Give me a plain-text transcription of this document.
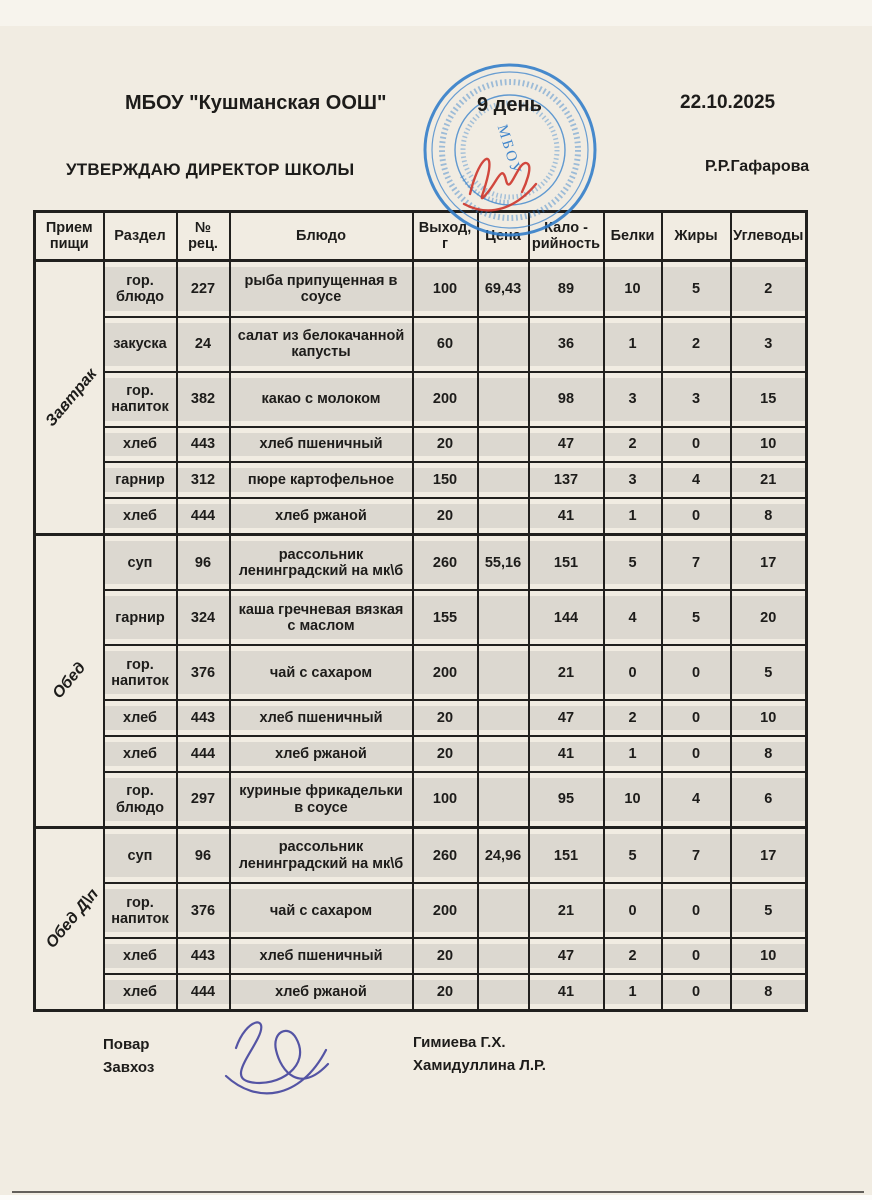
МБОУ "Кушманская ООШ"	9 день	22.10.2025
УТВЕРЖДАЮ ДИРЕКТОР ШКОЛЫ	Р.Р.Гафарова
МБОУ
Прием пищи	Раздел	№ рец.	Блюдо	Выход, г	Цена	Кало - рийность	Белки	Жиры	Углеводы
Завтрак	гор. блюдо	227	рыба припущенная в соусе	100	69,43	89	10	5	2
	закуска	24	салат из белокачанной капусты	60		36	1	2	3
	гор. напиток	382	какао с молоком	200		98	3	3	15
	хлеб	443	хлеб пшеничный	20		47	2	0	10
	гарнир	312	пюре картофельное	150		137	3	4	21
	хлеб	444	хлеб ржаной	20		41	1	0	8
Обед	суп	96	рассольник ленинградский на мк\б	260	55,16	151	5	7	17
	гарнир	324	каша гречневая вязкая с маслом	155		144	4	5	20
	гор. напиток	376	чай с сахаром	200		21	0	0	5
	хлеб	443	хлеб пшеничный	20		47	2	0	10
	хлеб	444	хлеб ржаной	20		41	1	0	8
	гор. блюдо	297	куриные фрикадельки в соусе	100		95	10	4	6
Обед Д\п	суп	96	рассольник ленинградский на мк\б	260	24,96	151	5	7	17
	гор. напиток	376	чай с сахаром	200		21	0	0	5
	хлеб	443	хлеб пшеничный	20		47	2	0	10
	хлеб	444	хлеб ржаной	20		41	1	0	8
Повар
Завхоз
Гимиева Г.Х.
Хамидуллина Л.Р.
